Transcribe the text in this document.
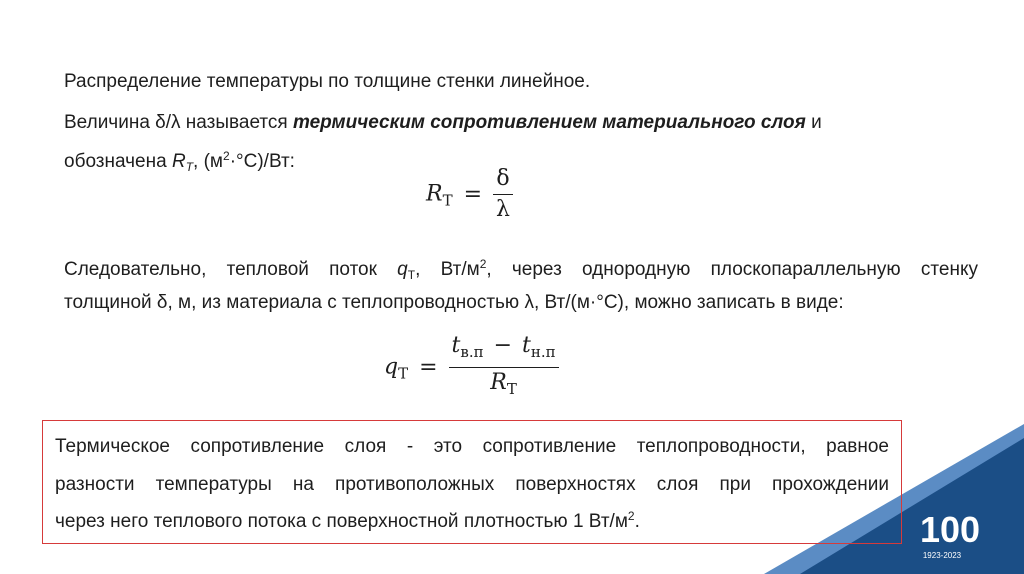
Распределение температуры по толщине стенки линейное.

Величина δ/λ называется термическим сопротивлением материального слоя и

обозначена $R_T$, $(м^2\cdot^\circ C)/Вт$:

$R_T = \frac{\delta}{\lambda}$

Следовательно, тепловой поток $q_T$, $Вт/м^2$, через однородную плоскопараллельную стенку

толщиной δ, м, из материала с теплопроводностью λ, Вт/(м·°C), можно записать в виде:

$q_T = \frac{t_{в.п} - t_{н.п}}{R_T}$
100
1923-2023
Термическое сопротивление слоя - это сопротивление теплопроводности, равное
разности температуры на противоположных поверхностях слоя при прохождении
через него теплового потока с поверхностной плотностью 1 $Вт/м^2$.
